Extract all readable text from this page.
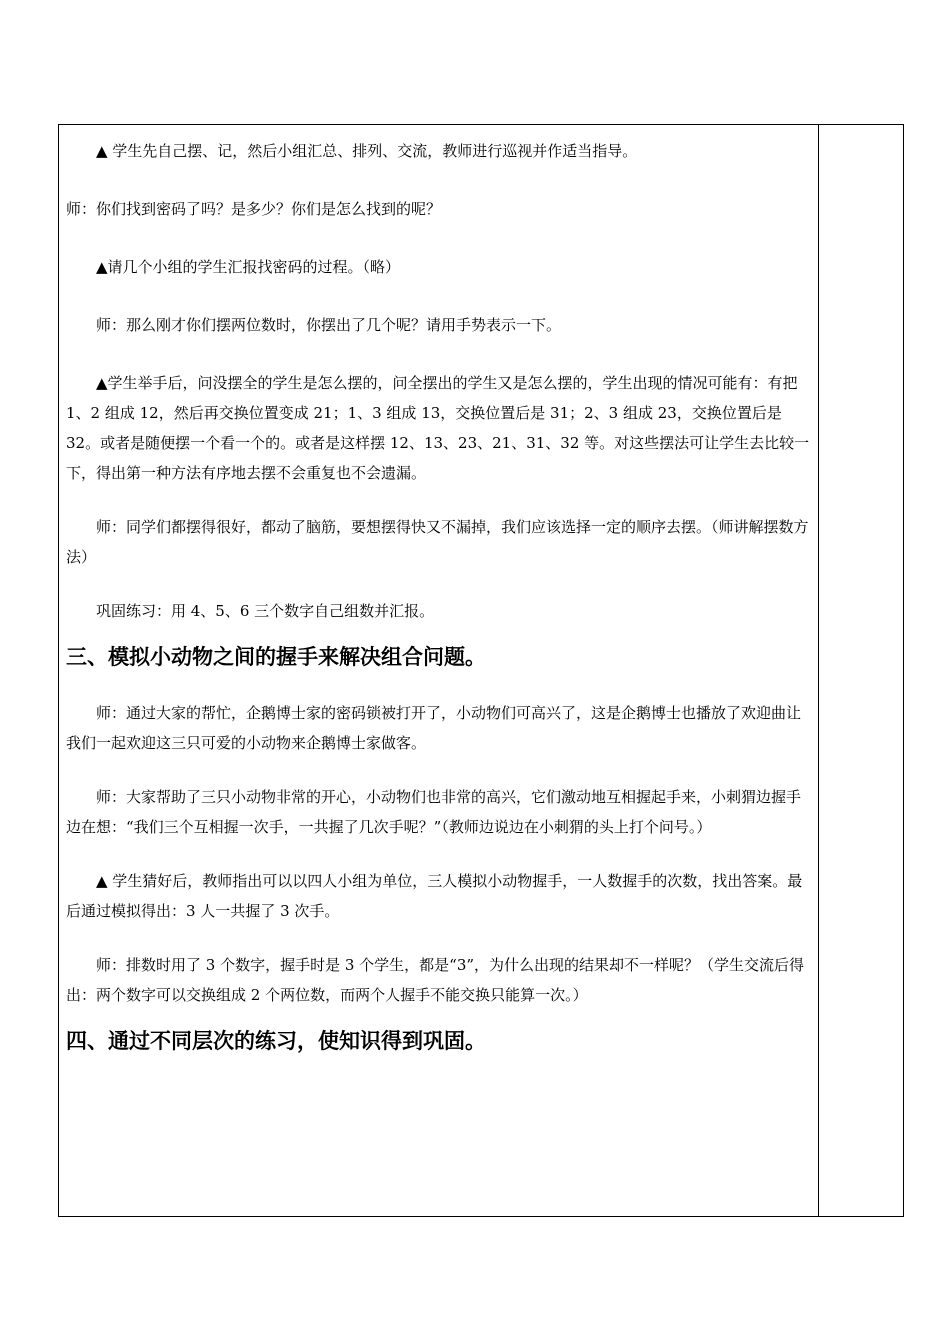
▲ 学生先自己摆、记，然后小组汇总、排列、交流，教师进行巡视并作适当指导。

师：你们找到密码了吗？是多少？你们是怎么找到的呢？

▲请几个小组的学生汇报找密码的过程。（略）

师：那么刚才你们摆两位数时，你摆出了几个呢？请用手势表示一下。

▲学生举手后，问没摆全的学生是怎么摆的，问全摆出的学生又是怎么摆的，学生出现的情况可能有：有把 1、2 组成 12，然后再交换位置变成 21；1、3 组成 13，交换位置后是 31；2、3 组成 23，交换位置后是 32。或者是随便摆一个看一个的。或者是这样摆 12、13、23、21、31、32 等。对这些摆法可让学生去比较一下，得出第一种方法有序地去摆不会重复也不会遗漏。

师：同学们都摆得很好，都动了脑筋，要想摆得快又不漏掉，我们应该选择一定的顺序去摆。（师讲解摆数方法）

巩固练习：用 4、5、6 三个数字自己组数并汇报。

三、模拟小动物之间的握手来解决组合问题。

师：通过大家的帮忙，企鹅博士家的密码锁被打开了，小动物们可高兴了，这是企鹅博士也播放了欢迎曲让我们一起欢迎这三只可爱的小动物来企鹅博士家做客。

师：大家帮助了三只小动物非常的开心，小动物们也非常的高兴，它们激动地互相握起手来，小刺猬边握手边在想：“我们三个互相握一次手，一共握了几次手呢？”（教师边说边在小刺猬的头上打个问号。）

▲ 学生猜好后，教师指出可以以四人小组为单位，三人模拟小动物握手，一人数握手的次数，找出答案。最后通过模拟得出：3 人一共握了 3 次手。

师：排数时用了 3 个数字，握手时是 3 个学生，都是“3”，为什么出现的结果却不一样呢？（学生交流后得出：两个数字可以交换组成 2 个两位数，而两个人握手不能交换只能算一次。）

四、通过不同层次的练习，使知识得到巩固。
